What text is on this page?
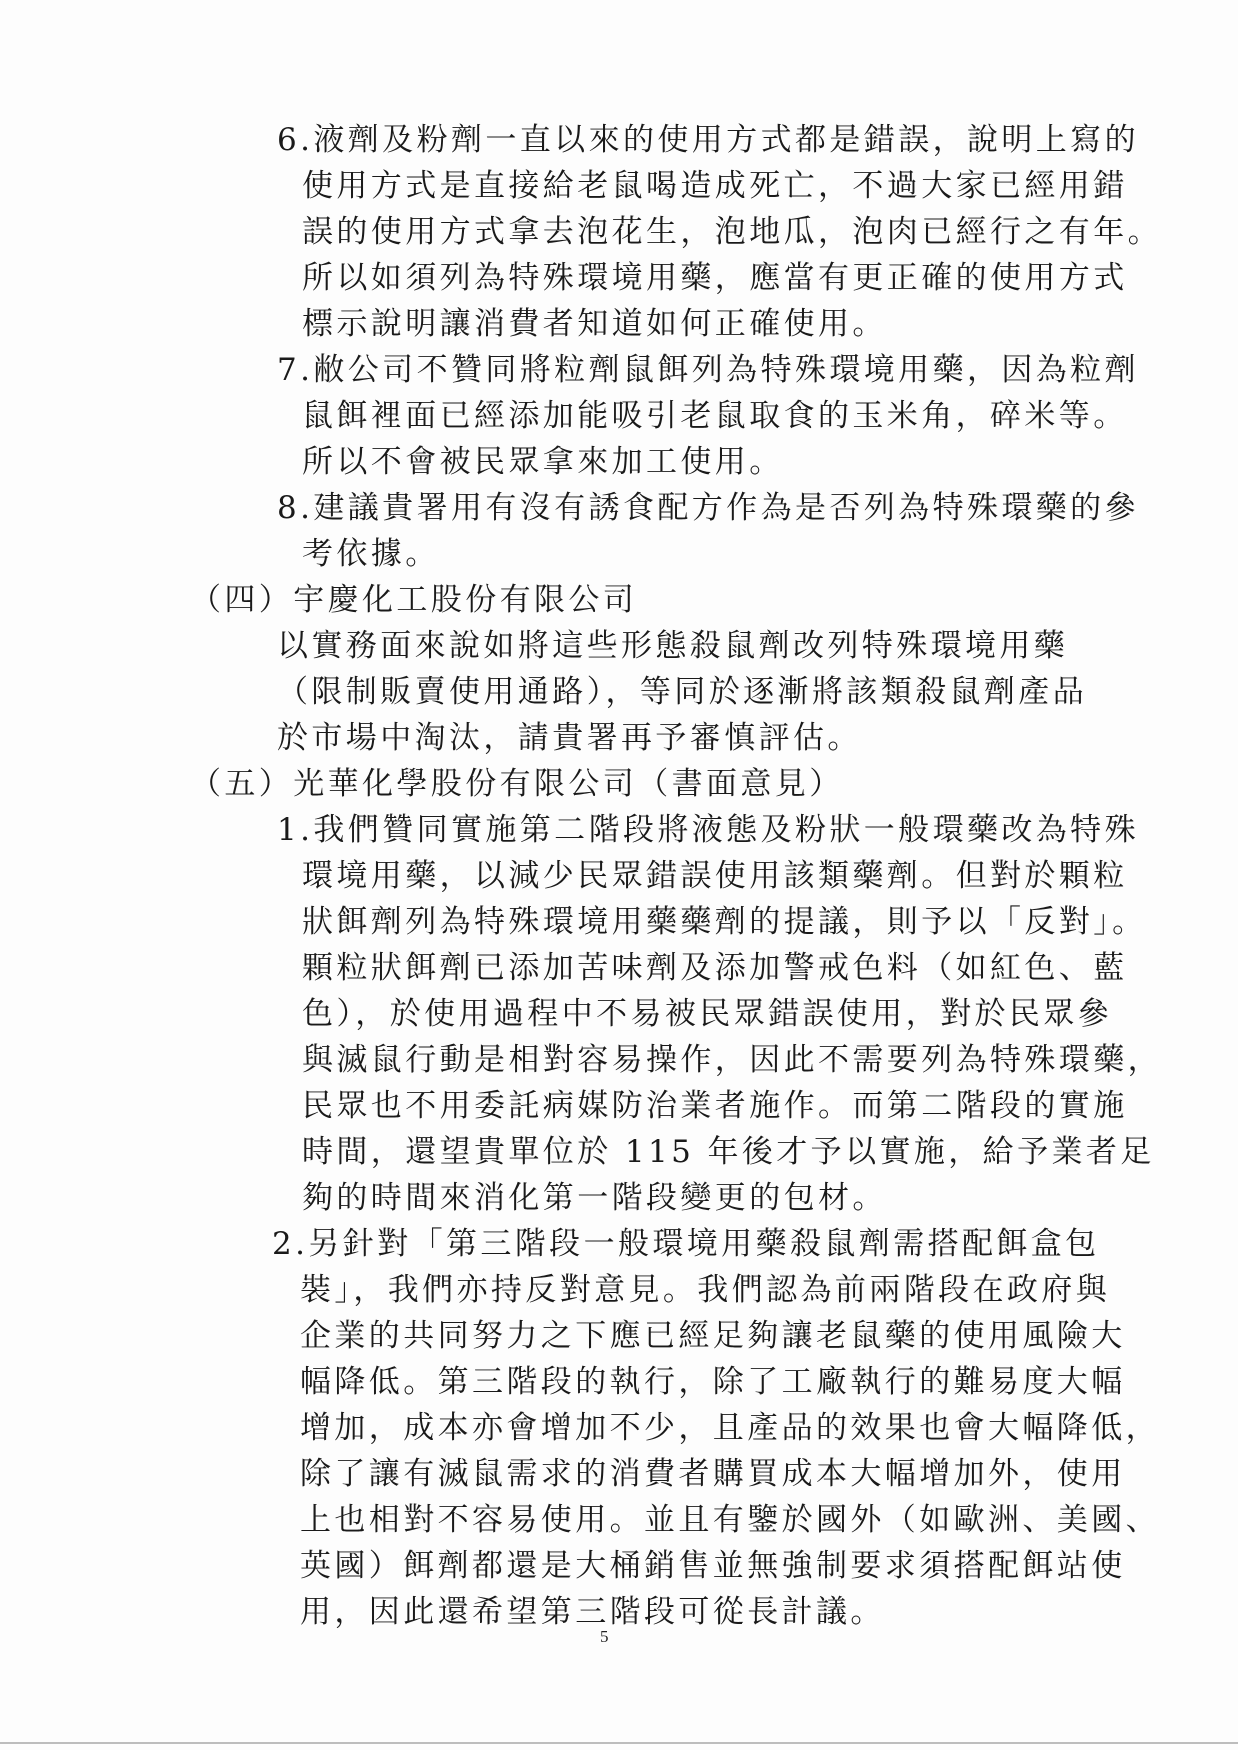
6.液劑及粉劑一直以來的使用方式都是錯誤，說明上寫的
使用方式是直接給老鼠喝造成死亡，不過大家已經用錯
誤的使用方式拿去泡花生，泡地瓜，泡肉已經行之有年。
所以如須列為特殊環境用藥，應當有更正確的使用方式
標示說明讓消費者知道如何正確使用。
7.敝公司不贊同將粒劑鼠餌列為特殊環境用藥，因為粒劑
鼠餌裡面已經添加能吸引老鼠取食的玉米角，碎米等。
所以不會被民眾拿來加工使用。
8.建議貴署用有沒有誘食配方作為是否列為特殊環藥的參
考依據。
（四）宇慶化工股份有限公司
以實務面來說如將這些形態殺鼠劑改列特殊環境用藥
（限制販賣使用通路），等同於逐漸將該類殺鼠劑產品
於市場中淘汰，請貴署再予審慎評估。
（五）光華化學股份有限公司（書面意見）
1.我們贊同實施第二階段將液態及粉狀一般環藥改為特殊
環境用藥，以減少民眾錯誤使用該類藥劑。但對於顆粒
狀餌劑列為特殊環境用藥藥劑的提議，則予以「反對」。
顆粒狀餌劑已添加苦味劑及添加警戒色料（如紅色、藍
色），於使用過程中不易被民眾錯誤使用，對於民眾參
與滅鼠行動是相對容易操作，因此不需要列為特殊環藥，
民眾也不用委託病媒防治業者施作。而第二階段的實施
時間，還望貴單位於 115 年後才予以實施，給予業者足
夠的時間來消化第一階段變更的包材。
2.另針對「第三階段一般環境用藥殺鼠劑需搭配餌盒包
裝」，我們亦持反對意見。我們認為前兩階段在政府與
企業的共同努力之下應已經足夠讓老鼠藥的使用風險大
幅降低。第三階段的執行，除了工廠執行的難易度大幅
增加，成本亦會增加不少，且產品的效果也會大幅降低，
除了讓有滅鼠需求的消費者購買成本大幅增加外，使用
上也相對不容易使用。並且有鑒於國外（如歐洲、美國、
英國）餌劑都還是大桶銷售並無強制要求須搭配餌站使
用，因此還希望第三階段可從長計議。
5
